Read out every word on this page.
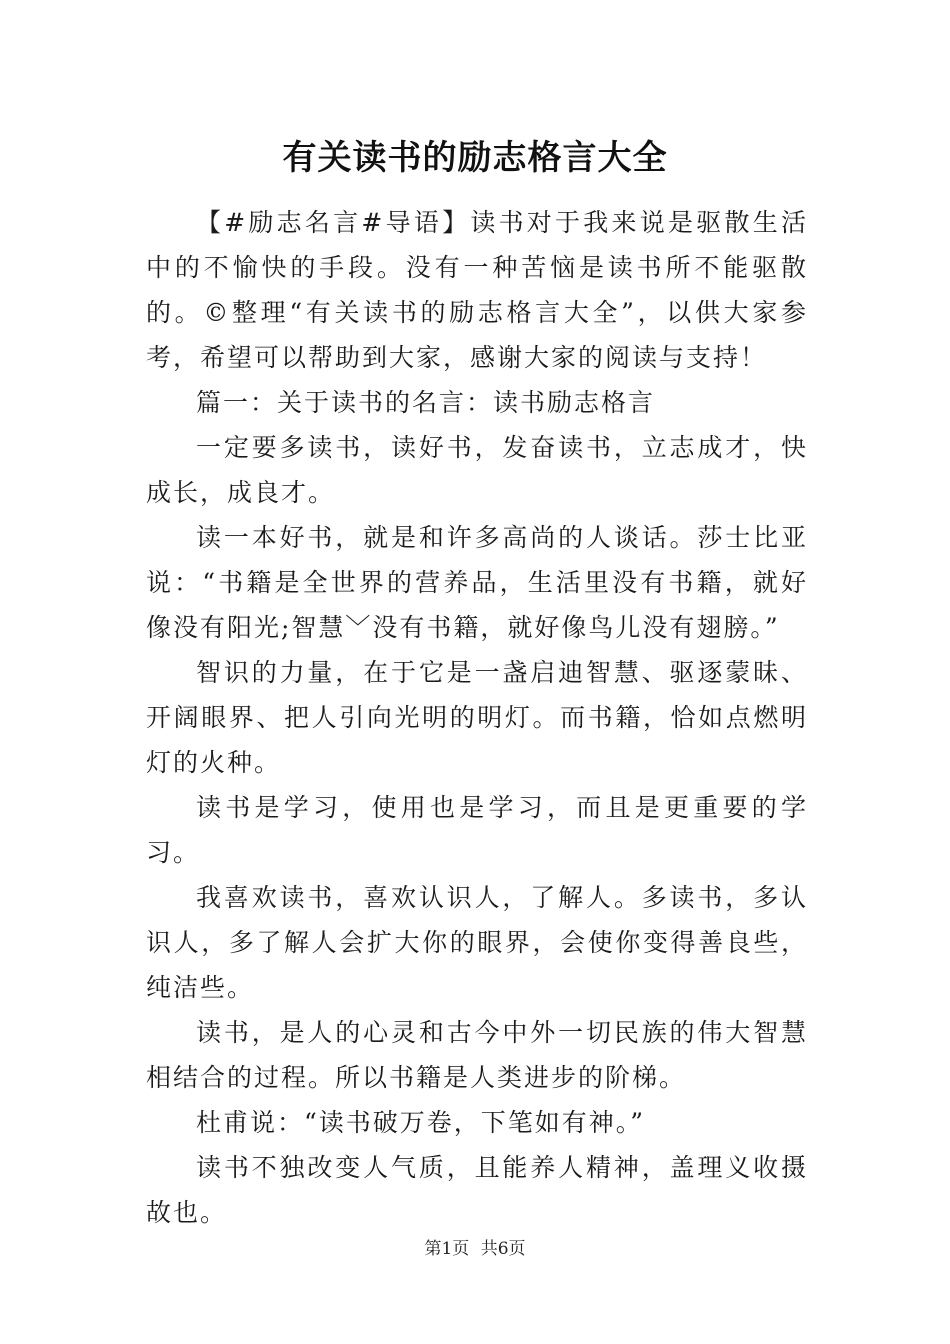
有关读书的励志格言大全

【#励志名言#导语】读书对于我来说是驱散生活中的不愉快的手段。没有一种苦恼是读书所不能驱散的。©整理“有关读书的励志格言大全”，以供大家参考，希望可以帮助到大家，感谢大家的阅读与支持！

篇一：关于读书的名言：读书励志格言

一定要多读书，读好书，发奋读书，立志成才，快成长，成良才。

读一本好书，就是和许多高尚的人谈话。莎士比亚说：“书籍是全世界的营养品，生活里没有书籍，就好像没有阳光;智慧﹀没有书籍，就好像鸟儿没有翅膀。”

智识的力量，在于它是一盏启迪智慧、驱逐蒙昧、开阔眼界、把人引向光明的明灯。而书籍，恰如点燃明灯的火种。

读书是学习，使用也是学习，而且是更重要的学习。

我喜欢读书，喜欢认识人，了解人。多读书，多认识人，多了解人会扩大你的眼界，会使你变得善良些，纯洁些。

读书，是人的心灵和古今中外一切民族的伟大智慧相结合的过程。所以书籍是人类进步的阶梯。

杜甫说：“读书破万卷，下笔如有神。”

读书不独改变人气质，且能养人精神，盖理义收摄故也。

第1页 共6页
